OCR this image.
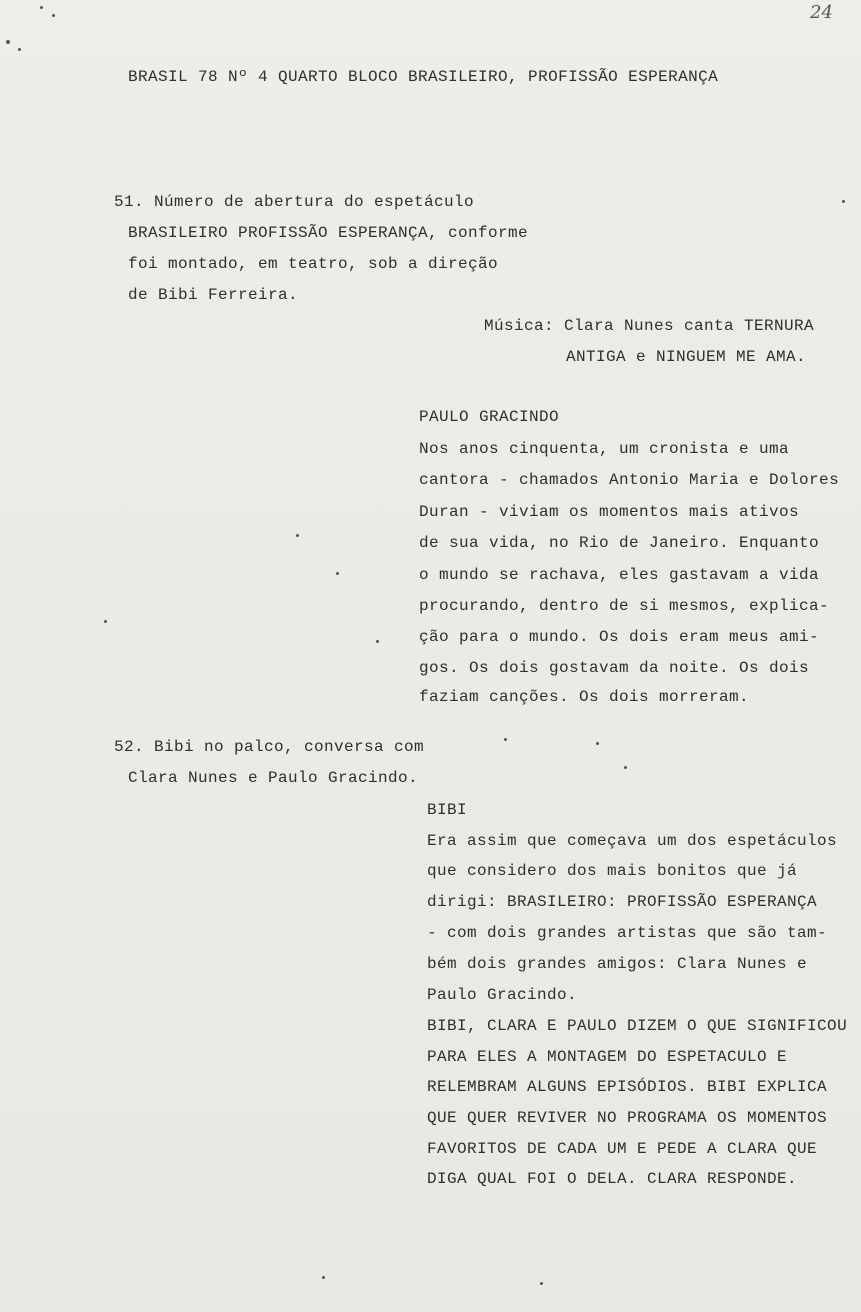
24
BRASIL 78 Nº 4 QUARTO BLOCO BRASILEIRO, PROFISSÃO ESPERANÇA
51. Número de abertura do espetáculo
BRASILEIRO PROFISSÃO ESPERANÇA, conforme
foi montado, em teatro, sob a direção
de Bibi Ferreira.
Música: Clara Nunes canta TERNURA
ANTIGA e NINGUEM ME AMA.
PAULO GRACINDO
Nos anos cinquenta, um cronista e uma
cantora - chamados Antonio Maria e Dolores
Duran - viviam os momentos mais ativos
de sua vida, no Rio de Janeiro. Enquanto
o mundo se rachava, eles gastavam a vida
procurando, dentro de si mesmos, explica-
ção para o mundo. Os dois eram meus ami-
gos. Os dois gostavam da noite. Os dois
faziam canções. Os dois morreram.
52. Bibi no palco, conversa com
Clara Nunes e Paulo Gracindo.
BIBI
Era assim que começava um dos espetáculos
que considero dos mais bonitos que já
dirigi: BRASILEIRO: PROFISSÃO ESPERANÇA
- com dois grandes artistas que são tam-
bém dois grandes amigos: Clara Nunes e
Paulo Gracindo.
BIBI, CLARA E PAULO DIZEM O QUE SIGNIFICOU
PARA ELES A MONTAGEM DO ESPETACULO E
RELEMBRAM ALGUNS EPISÓDIOS. BIBI EXPLICA
QUE QUER REVIVER NO PROGRAMA OS MOMENTOS
FAVORITOS DE CADA UM E PEDE A CLARA QUE
DIGA QUAL FOI O DELA. CLARA RESPONDE.
